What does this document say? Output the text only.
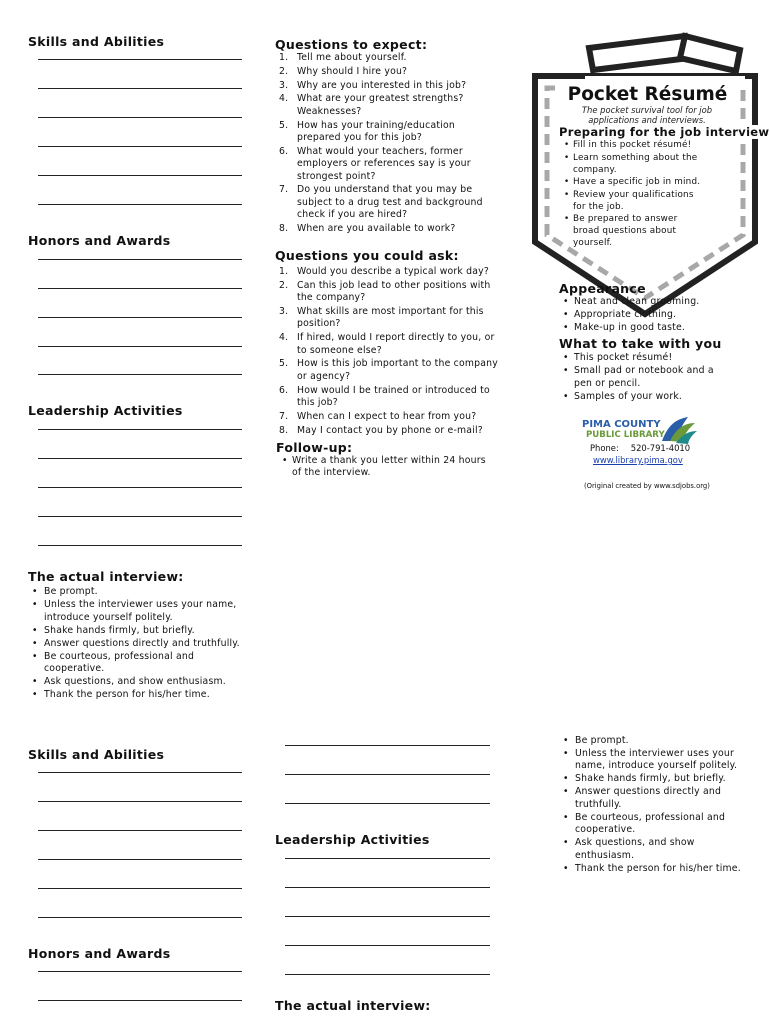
Skills and Abilities
Honors and Awards
Leadership Activities
The actual interview:
• Be prompt.
• Unless the interviewer uses your name, introduce yourself politely.
• Shake hands firmly, but briefly.
• Answer questions directly and truthfully.
• Be courteous, professional and cooperative.
• Ask questions, and show enthusiasm.
• Thank the person for his/her time.
Questions to expect:
1. Tell me about yourself.
2. Why should I hire you?
3. Why are you interested in this job?
4. What are your greatest strengths? Weaknesses?
5. How has your training/education prepared you for this job?
6. What would your teachers, former employers or references say is your strongest point?
7. Do you understand that you may be subject to a drug test and background check if you are hired?
8. When are you available to work?
Questions you could ask:
1. Would you describe a typical work day?
2. Can this job lead to other positions with the company?
3. What skills are most important for this position?
4. If hired, would I report directly to you, or to someone else?
5. How is this job important to the company or agency?
6. How would I be trained or introduced to this job?
7. When can I expect to hear from you?
8. May I contact you by phone or e-mail?
Follow-up:
• Write a thank you letter within 24 hours of the interview.
Pocket Résumé
The pocket survival tool for job applications and interviews.
Preparing for the job interview
• Fill in this pocket résumé!
• Learn something about the company.
• Have a specific job in mind.
• Review your qualifications for the job.
• Be prepared to answer broad questions about yourself.
Appearance
• Neat and clean grooming.
• Appropriate clothing.
• Make-up in good taste.
What to take with you
• This pocket résumé!
• Small pad or notebook and a pen or pencil.
• Samples of your work.
PIMA COUNTY
PUBLIC LIBRARY
Phone: 520-791-4010
www.library.pima.gov
(Original created by www.sdjobs.org)
Skills and Abilities
Honors and Awards
Leadership Activities
The actual interview:
• Be prompt.
• Unless the interviewer uses your name, introduce yourself politely.
• Shake hands firmly, but briefly.
• Answer questions directly and truthfully.
• Be courteous, professional and cooperative.
• Ask questions, and show enthusiasm.
• Thank the person for his/her time.
